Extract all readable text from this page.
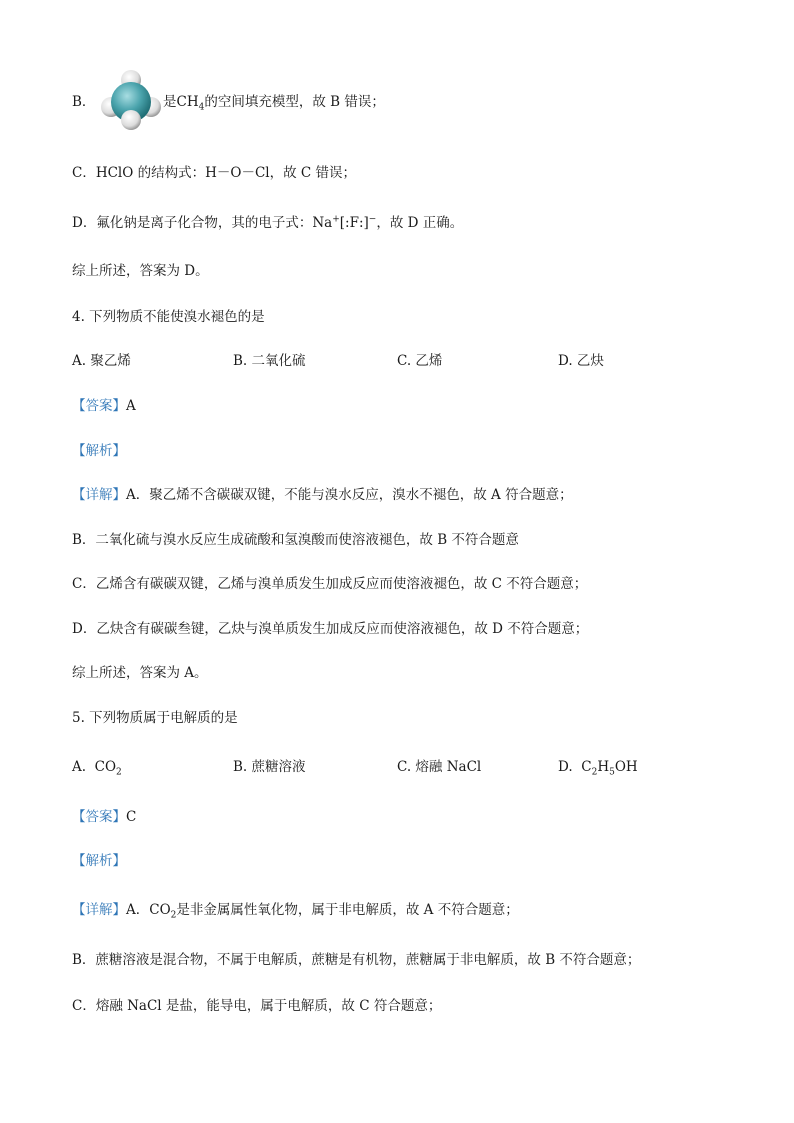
B．	是$CH_4$的空间填充模型，故 B 错误；
C．HClO 的结构式：H－O－Cl，故 C 错误；
D．氟化钠是离子化合物，其的电子式：Na+[:F:]−，故 D 正确。
综上所述，答案为 D。
4. 下列物质不能使溴水褪色的是
A. 聚乙烯	B. 二氧化硫	C. 乙烯	D. 乙炔
【答案】A
【解析】
【详解】A．聚乙烯不含碳碳双键，不能与溴水反应，溴水不褪色，故 A 符合题意；
B．二氧化硫与溴水反应生成硫酸和氢溴酸而使溶液褪色，故 B 不符合题意
C．乙烯含有碳碳双键，乙烯与溴单质发生加成反应而使溶液褪色，故 C 不符合题意；
D．乙炔含有碳碳叁键，乙炔与溴单质发生加成反应而使溶液褪色，故 D 不符合题意；
综上所述，答案为 A。
5. 下列物质属于电解质的是
A. $CO_2$	B. 蔗糖溶液	C. 熔融 NaCl	D. $C_2H_5OH$
【答案】C
【解析】
【详解】A．$CO_2$是非金属属性氧化物，属于非电解质，故 A 不符合题意；
B．蔗糖溶液是混合物，不属于电解质，蔗糖是有机物，蔗糖属于非电解质，故 B 不符合题意；
C．熔融 NaCl 是盐，能导电，属于电解质，故 C 符合题意；
